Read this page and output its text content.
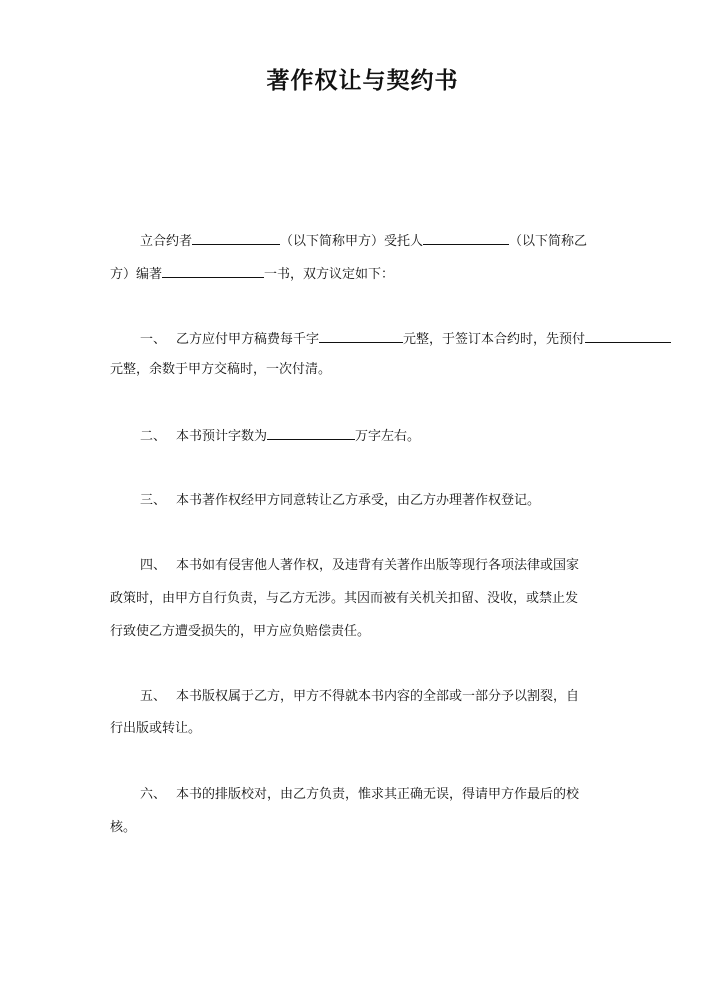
著作权让与契约书
立合约者	（以下简称甲方）受托人	（以下简称乙
方）编著	一书，双方议定如下：
一、 乙方应付甲方稿费每千字	元整，于签订本合约时，先预付
元整，余数于甲方交稿时，一次付清。
二、 本书预计字数为	万字左右。
三、 本书著作权经甲方同意转让乙方承受，由乙方办理著作权登记。
四、 本书如有侵害他人著作权，及违背有关著作出版等现行各项法律或国家
政策时，由甲方自行负责，与乙方无涉。其因而被有关机关扣留、没收，或禁止发
行致使乙方遭受损失的，甲方应负赔偿责任。
五、 本书版权属于乙方，甲方不得就本书内容的全部或一部分予以割裂，自
行出版或转让。
六、 本书的排版校对，由乙方负责，惟求其正确无误，得请甲方作最后的校
核。
